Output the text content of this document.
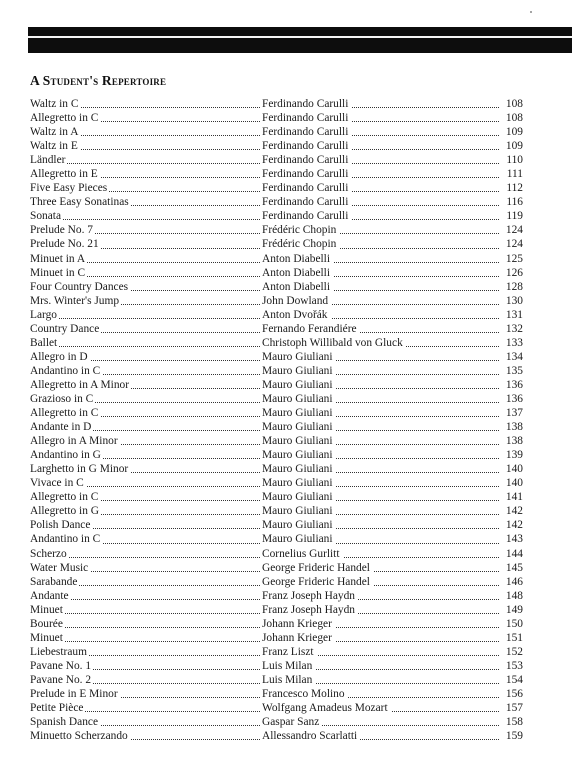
A Student's Repertoire
Waltz in C	Ferdinando Carulli	108
Allegretto in C	Ferdinando Carulli	108
Waltz in A	Ferdinando Carulli	109
Waltz in E	Ferdinando Carulli	109
Ländler	Ferdinando Carulli	110
Allegretto in E	Ferdinando Carulli	111
Five Easy Pieces	Ferdinando Carulli	112
Three Easy Sonatinas	Ferdinando Carulli	116
Sonata	Ferdinando Carulli	119
Prelude No. 7	Frédéric Chopin	124
Prelude No. 21	Frédéric Chopin	124
Minuet in A	Anton Diabelli	125
Minuet in C	Anton Diabelli	126
Four Country Dances	Anton Diabelli	128
Mrs. Winter's Jump	John Dowland	130
Largo	Anton Dvořák	131
Country Dance	Fernando Ferandiére	132
Ballet	Christoph Willibald von Gluck	133
Allegro in D	Mauro Giuliani	134
Andantino in C	Mauro Giuliani	135
Allegretto in A Minor	Mauro Giuliani	136
Grazioso in C	Mauro Giuliani	136
Allegretto in C	Mauro Giuliani	137
Andante in D	Mauro Giuliani	138
Allegro in A Minor	Mauro Giuliani	138
Andantino in G	Mauro Giuliani	139
Larghetto in G Minor	Mauro Giuliani	140
Vivace in C	Mauro Giuliani	140
Allegretto in C	Mauro Giuliani	141
Allegretto in G	Mauro Giuliani	142
Polish Dance	Mauro Giuliani	142
Andantino in C	Mauro Giuliani	143
Scherzo	Cornelius Gurlitt	144
Water Music	George Frideric Handel	145
Sarabande	George Frideric Handel	146
Andante	Franz Joseph Haydn	148
Minuet	Franz Joseph Haydn	149
Bourée	Johann Krieger	150
Minuet	Johann Krieger	151
Liebestraum	Franz Liszt	152
Pavane No. 1	Luis Milan	153
Pavane No. 2	Luis Milan	154
Prelude in E Minor	Francesco Molino	156
Petite Pièce	Wolfgang Amadeus Mozart	157
Spanish Dance	Gaspar Sanz	158
Minuetto Scherzando	Allessandro Scarlatti	159
